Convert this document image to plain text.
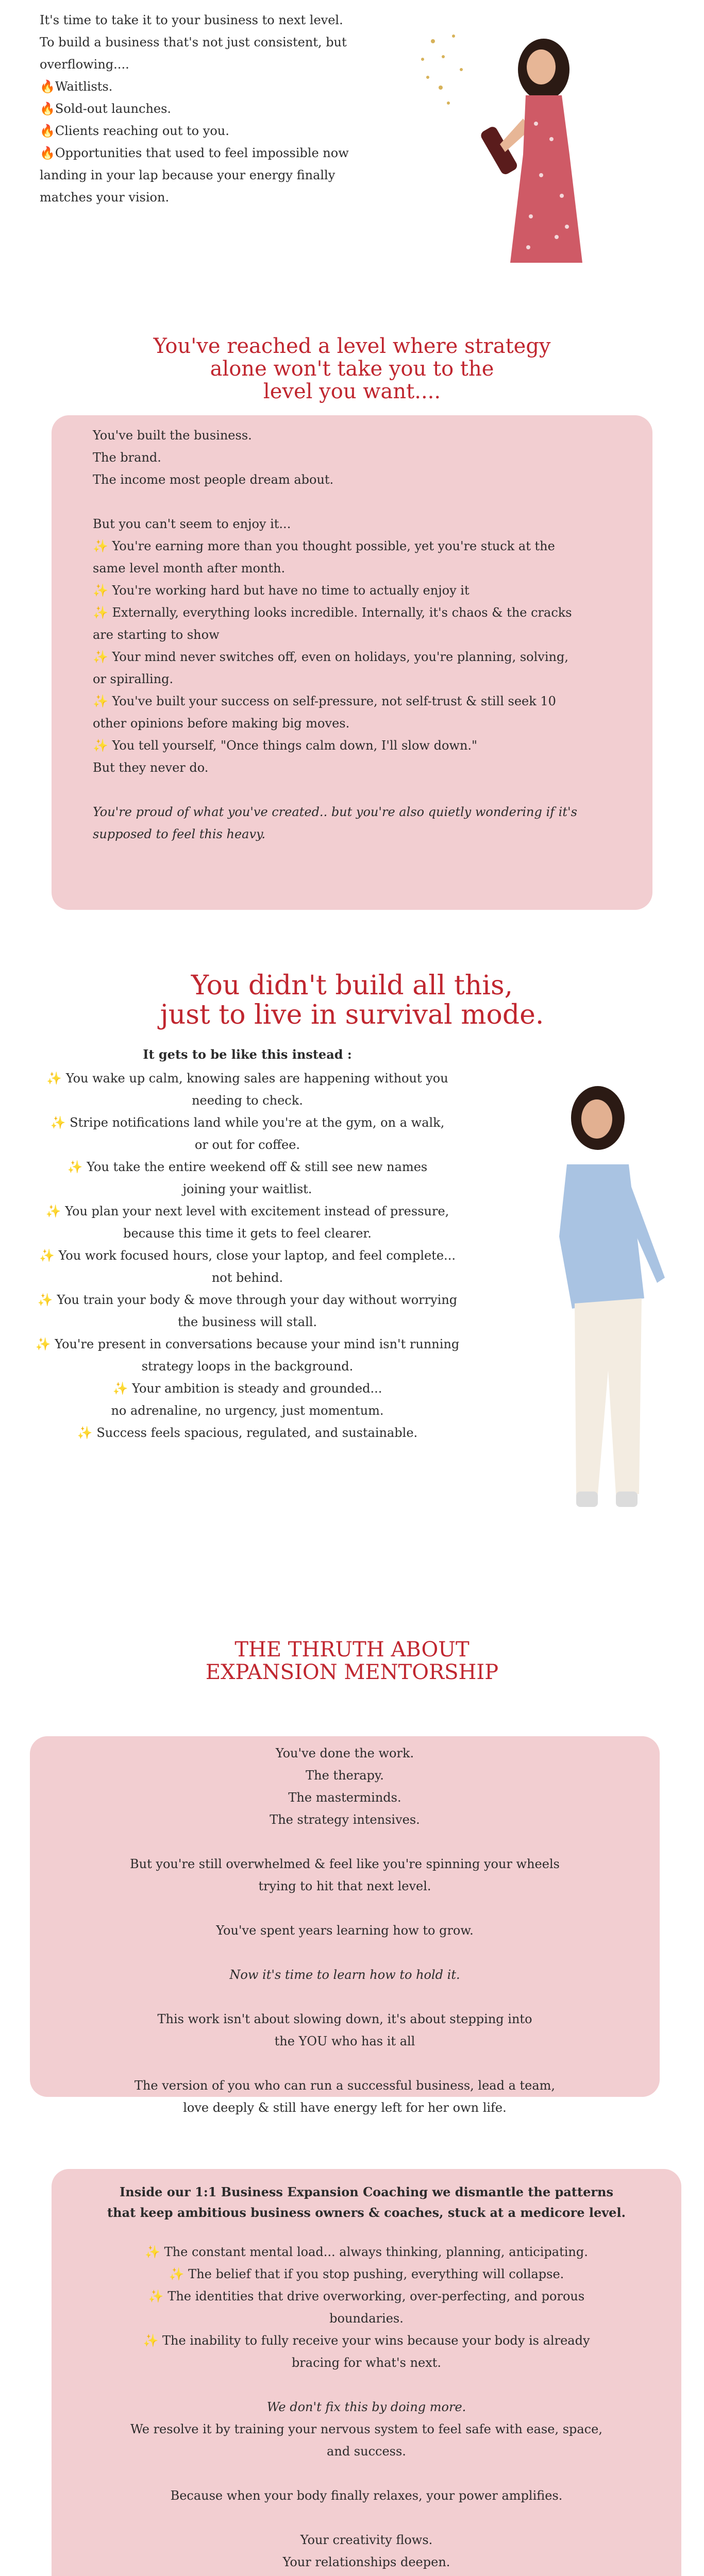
It's time to take it to your business to next level.
To build a business that's not just consistent, but
overflowing....
🔥Waitlists.
🔥Sold-out launches.
🔥Clients reaching out to you.
🔥Opportunities that used to feel impossible now
landing in your lap because your energy finally
matches your vision.
You've reached a level where strategy
alone won't take you to the
level you want....
You've built the business.
The brand.
The income most people dream about.
But you can't seem to enjoy it...
✨ You're earning more than you thought possible, yet you're stuck at the
same level month after month.
✨ You're working hard but have no time to actually enjoy it
✨ Externally, everything looks incredible. Internally, it's chaos & the cracks
are starting to show
✨ Your mind never switches off, even on holidays, you're planning, solving,
or spiralling.
✨ You've built your success on self-pressure, not self-trust & still seek 10
other opinions before making big moves.
✨ You tell yourself, "Once things calm down, I'll slow down."
But they never do.
You're proud of what you've created.. but you're also quietly wondering if it's
supposed to feel this heavy.
You didn't build all this,
just to live in survival mode.
It gets to be like this instead :
✨ You wake up calm, knowing sales are happening without you
needing to check.
✨ Stripe notifications land while you're at the gym, on a walk,
or out for coffee.
✨ You take the entire weekend off & still see new names
joining your waitlist.
✨ You plan your next level with excitement instead of pressure,
because this time it gets to feel clearer.
✨ You work focused hours, close your laptop, and feel complete...
not behind.
✨ You train your body & move through your day without worrying
the business will stall.
✨ You're present in conversations because your mind isn't running
strategy loops in the background.
✨ Your ambition is steady and grounded...
no adrenaline, no urgency, just momentum.
✨ Success feels spacious, regulated, and sustainable.
THE THRUTH ABOUT
EXPANSION MENTORSHIP
You've done the work.
The therapy.
The masterminds.
The strategy intensives.
But you're still overwhelmed & feel like you're spinning your wheels
trying to hit that next level.
You've spent years learning how to grow.
Now it's time to learn how to hold it.
This work isn't about slowing down, it's about stepping into
the YOU who has it all
The version of you who can run a successful business, lead a team,
love deeply & still have energy left for her own life.
Inside our 1:1 Business Expansion Coaching we dismantle the patterns
that keep ambitious business owners & coaches, stuck at a medicore level.
✨ The constant mental load... always thinking, planning, anticipating.
✨ The belief that if you stop pushing, everything will collapse.
✨ The identities that drive overworking, over-perfecting, and porous
boundaries.
✨ The inability to fully receive your wins because your body is already
bracing for what's next.
We don't fix this by doing more.
We resolve it by training your nervous system to feel safe with ease, space,
and success.
Because when your body finally relaxes, your power amplifies.
Your creativity flows.
Your relationships deepen.
